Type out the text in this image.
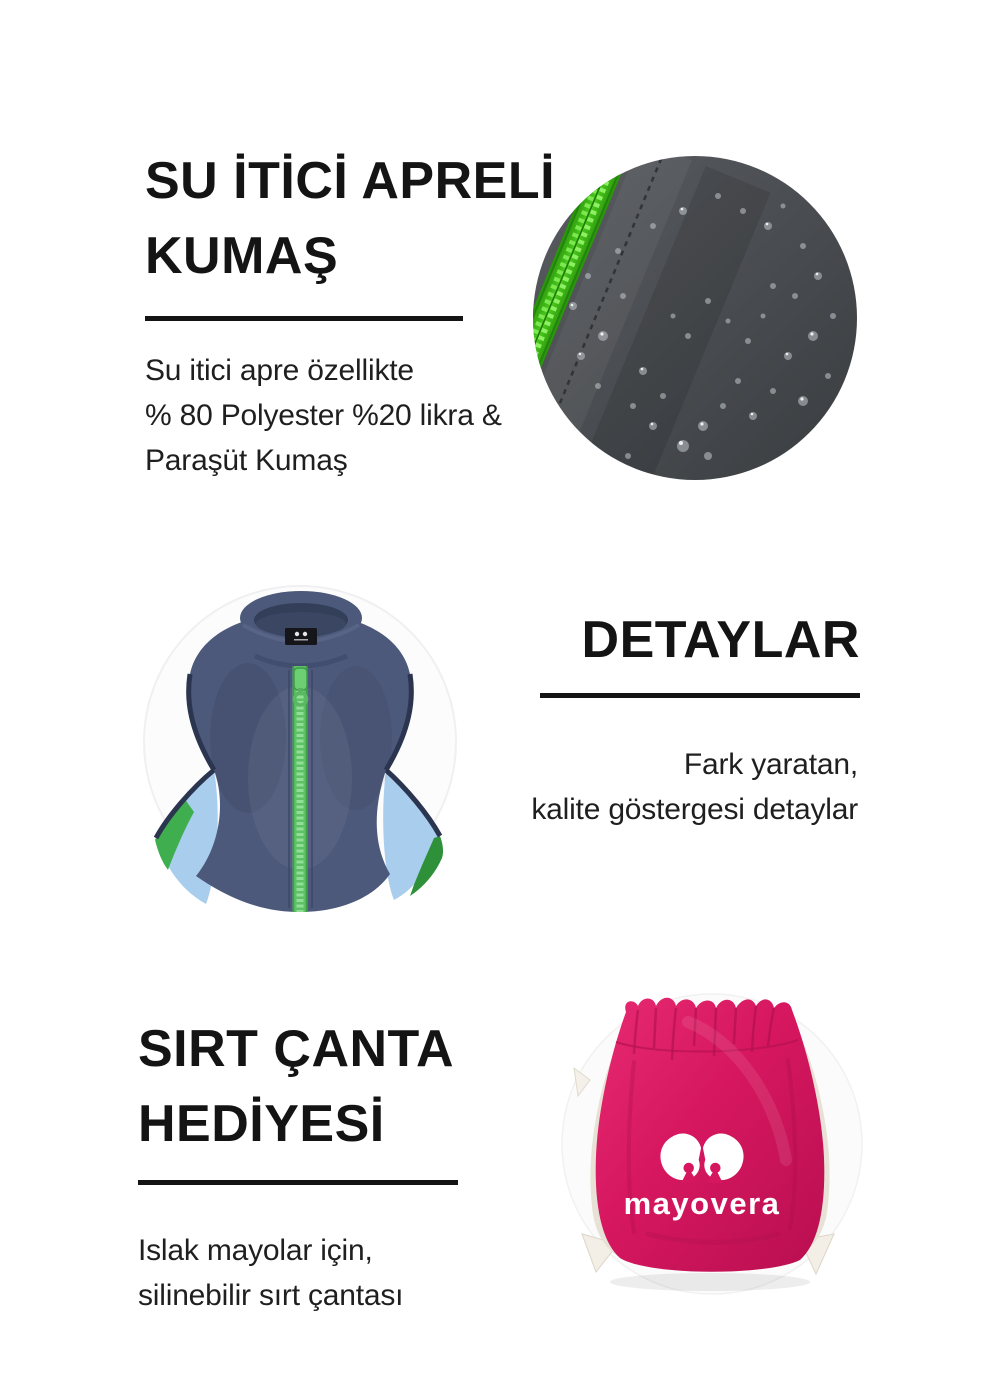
SU İTİCİ APRELİ
KUMAŞ

Su itici apre özellikte
% 80 Polyester %20 likra &
Paraşüt Kumaş

DETAYLAR

Fark yaratan,
kalite göstergesi detaylar

SIRT ÇANTA
HEDİYESİ

Islak mayolar için,
silinebilir sırt çantası

mayovera
